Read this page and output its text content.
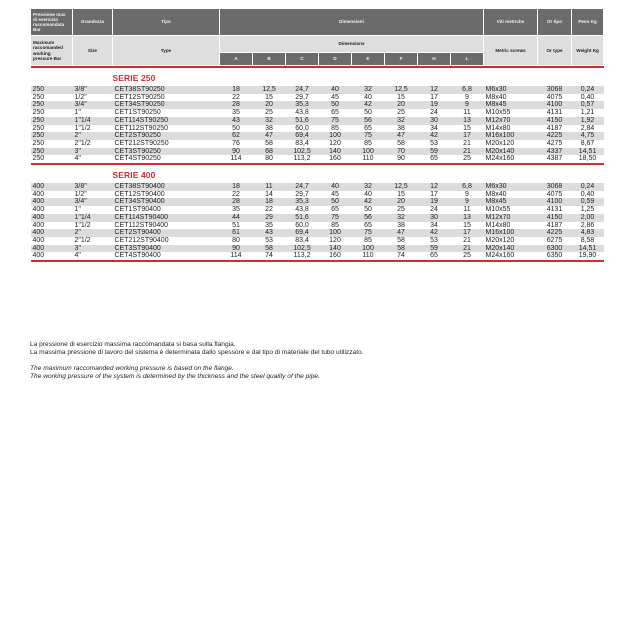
Pressione max di esercizio raccomandata Bar	Grandezza	Tipo	Dimensioni								Viti metriche	Or tipo	Peso Kg
Maximum raccomanded working pressure Bar	Size	Type	Dimensions								Metric screws	Or type	Weight Kg
			A	B	C	D	E	F	H	L			

		SERIE 250											
250	3/8"	CET38ST90250	18	12,5	24,7	40	32	12,5	12	6,8	M6x30	3068	0,24
250	1/2"	CET12ST90250	22	15	29,7	45	40	15	17	9	M8x40	4075	0,40
250	3/4"	CET34ST90250	28	20	35,3	50	42	20	19	9	M8x45	4100	0,57
250	1"	CET1ST90250	35	25	43,8	65	50	25	24	11	M10x55	4131	1,21
250	1"1/4	CET114ST90250	43	32	51,6	75	56	32	30	13	M12x70	4150	1,92
250	1"1/2	CET112ST90250	50	38	60,0	85	65	38	34	15	M14x80	4187	2,84
250	2"	CET2ST90250	62	47	69,4	100	75	47	42	17	M16x100	4225	4,75
250	2"1/2	CET212ST90250	76	58	83,4	120	85	58	53	21	M20x120	4275	8,67
250	3"	CET3ST90250	90	68	102,5	140	100	70	59	21	M20x140	4337	14,51
250	4"	CET4ST90250	114	80	113,2	160	110	90	65	25	M24x160	4387	18,50

		SERIE 400											
400	3/8"	CET38ST90400	18	11	24,7	40	32	12,5	12	6,8	M6x30	3068	0,24
400	1/2"	CET12ST90400	22	14	29,7	45	40	15	17	9	M8x40	4075	0,40
400	3/4"	CET34ST90400	28	18	35,3	50	42	20	19	9	M8x45	4100	0,59
400	1"	CET1ST90400	35	22	43,8	65	50	25	24	11	M10x55	4131	1,25
400	1"1/4	CET114ST90400	44	29	51,6	75	56	32	30	13	M12x70	4150	2,00
400	1"1/2	CET112ST90400	51	35	60,0	85	65	38	34	15	M14x80	4187	2,86
400	2"	CET2ST90400	61	43	69,4	100	75	47	42	17	M16x100	4225	4,83
400	2"1/2	CET212ST90400	80	53	83,4	120	85	58	53	21	M20x120	6275	8,58
400	3"	CET3ST90400	90	58	102,5	140	100	58	59	21	M20x140	6300	14,51
400	4"	CET4ST90400	114	74	113,2	160	110	74	65	25	M24x160	6350	19,90

La pressione di esercizio massima raccomandata si basa sulla flangia.

La massima pressione di lavoro del sistema è determinata dallo spessore e dal tipo di materiale del tubo utilizzato.

The maximum raccomanded working pressure is based on the flange.

The working pressure of the system is determined by the thickness and the steel quality of the pipe.
